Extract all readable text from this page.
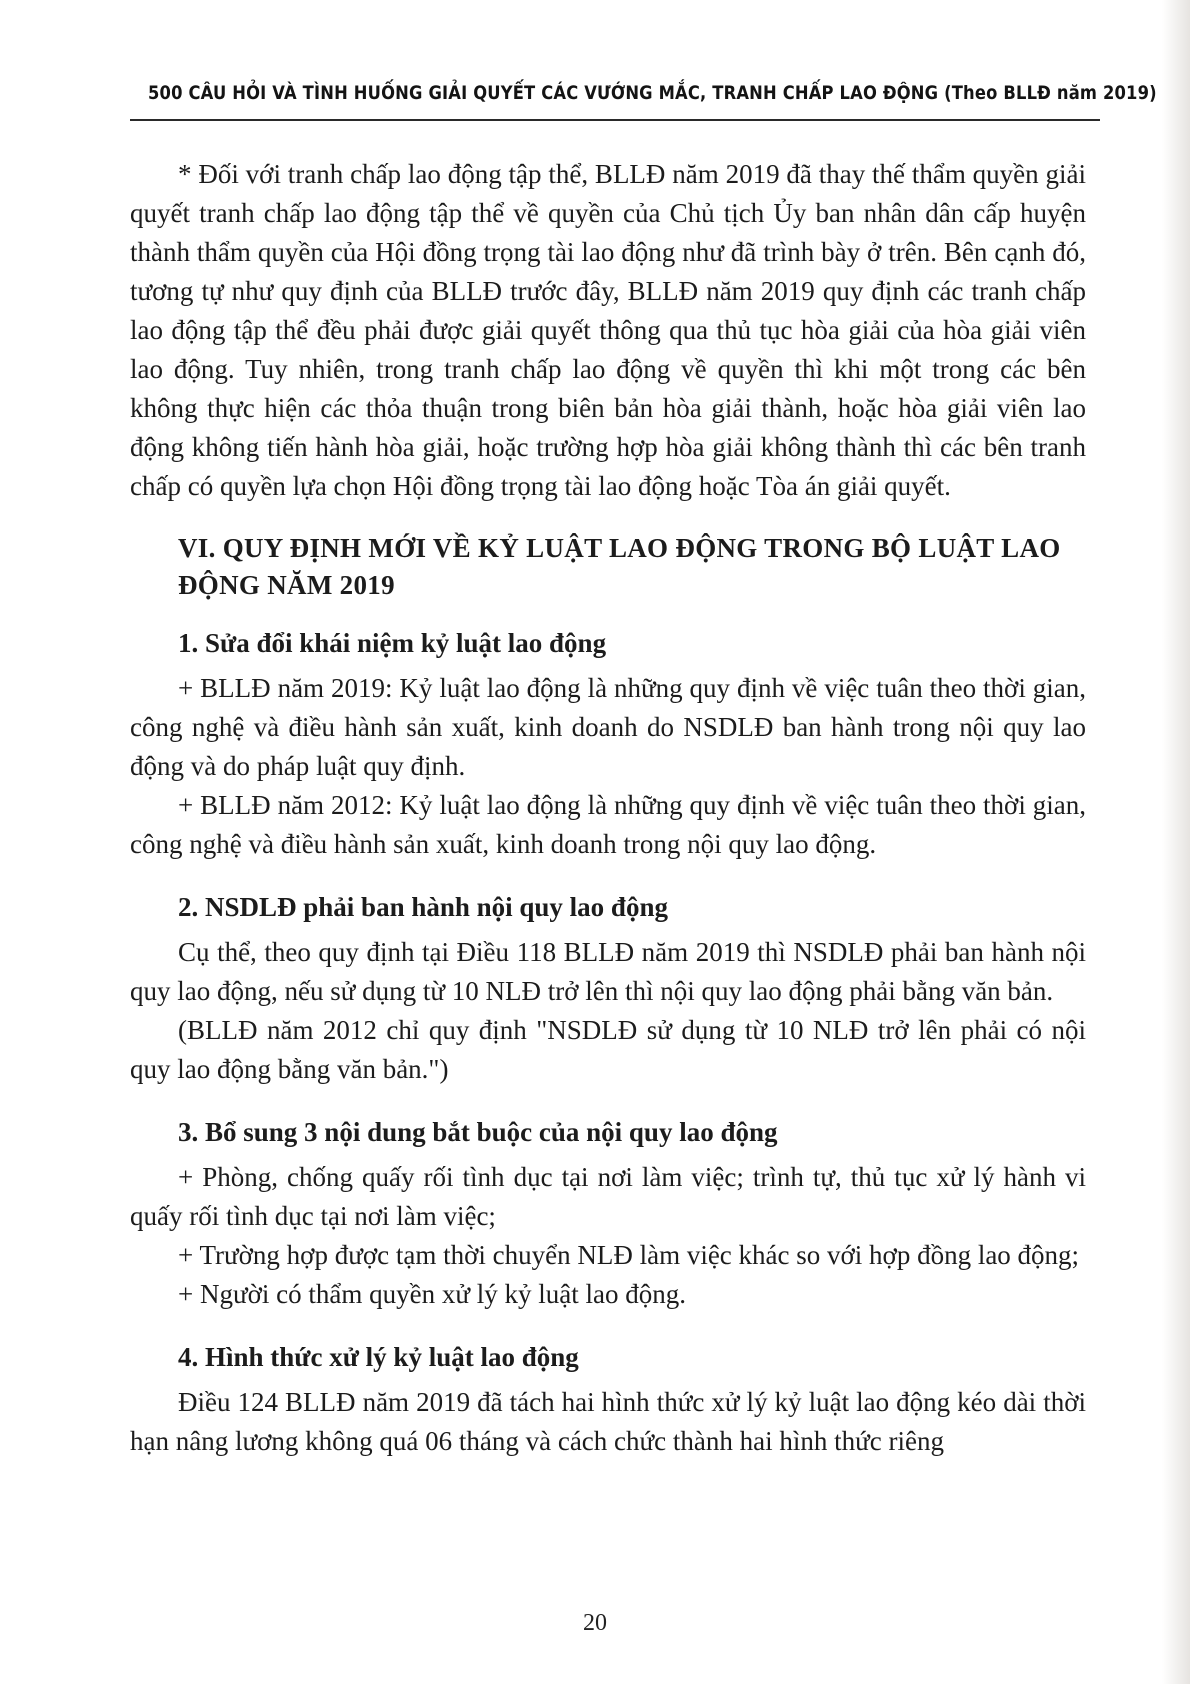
500 CÂU HỎI VÀ TÌNH HUỐNG GIẢI QUYẾT CÁC VƯỚNG MẮC, TRANH CHẤP LAO ĐỘNG (Theo BLLĐ năm 2019)

* Đối với tranh chấp lao động tập thể, BLLĐ năm 2019 đã thay thế thẩm quyền giải quyết tranh chấp lao động tập thể về quyền của Chủ tịch Ủy ban nhân dân cấp huyện thành thẩm quyền của Hội đồng trọng tài lao động như đã trình bày ở trên. Bên cạnh đó, tương tự như quy định của BLLĐ trước đây, BLLĐ năm 2019 quy định các tranh chấp lao động tập thể đều phải được giải quyết thông qua thủ tục hòa giải của hòa giải viên lao động. Tuy nhiên, trong tranh chấp lao động về quyền thì khi một trong các bên không thực hiện các thỏa thuận trong biên bản hòa giải thành, hoặc hòa giải viên lao động không tiến hành hòa giải, hoặc trường hợp hòa giải không thành thì các bên tranh chấp có quyền lựa chọn Hội đồng trọng tài lao động hoặc Tòa án giải quyết.

VI. QUY ĐỊNH MỚI VỀ KỶ LUẬT LAO ĐỘNG TRONG BỘ LUẬT LAO ĐỘNG NĂM 2019
1. Sửa đổi khái niệm kỷ luật lao động

+ BLLĐ năm 2019: Kỷ luật lao động là những quy định về việc tuân theo thời gian, công nghệ và điều hành sản xuất, kinh doanh do NSDLĐ ban hành trong nội quy lao động và do pháp luật quy định.

+ BLLĐ năm 2012: Kỷ luật lao động là những quy định về việc tuân theo thời gian, công nghệ và điều hành sản xuất, kinh doanh trong nội quy lao động.

2. NSDLĐ phải ban hành nội quy lao động

Cụ thể, theo quy định tại Điều 118 BLLĐ năm 2019 thì NSDLĐ phải ban hành nội quy lao động, nếu sử dụng từ 10 NLĐ trở lên thì nội quy lao động phải bằng văn bản.

(BLLĐ năm 2012 chỉ quy định "NSDLĐ sử dụng từ 10 NLĐ trở lên phải có nội quy lao động bằng văn bản.")

3. Bổ sung 3 nội dung bắt buộc của nội quy lao động

+ Phòng, chống quấy rối tình dục tại nơi làm việc; trình tự, thủ tục xử lý hành vi quấy rối tình dục tại nơi làm việc;

+ Trường hợp được tạm thời chuyển NLĐ làm việc khác so với hợp đồng lao động;

+ Người có thẩm quyền xử lý kỷ luật lao động.

4. Hình thức xử lý kỷ luật lao động

Điều 124 BLLĐ năm 2019 đã tách hai hình thức xử lý kỷ luật lao động kéo dài thời hạn nâng lương không quá 06 tháng và cách chức thành hai hình thức riêng

20
